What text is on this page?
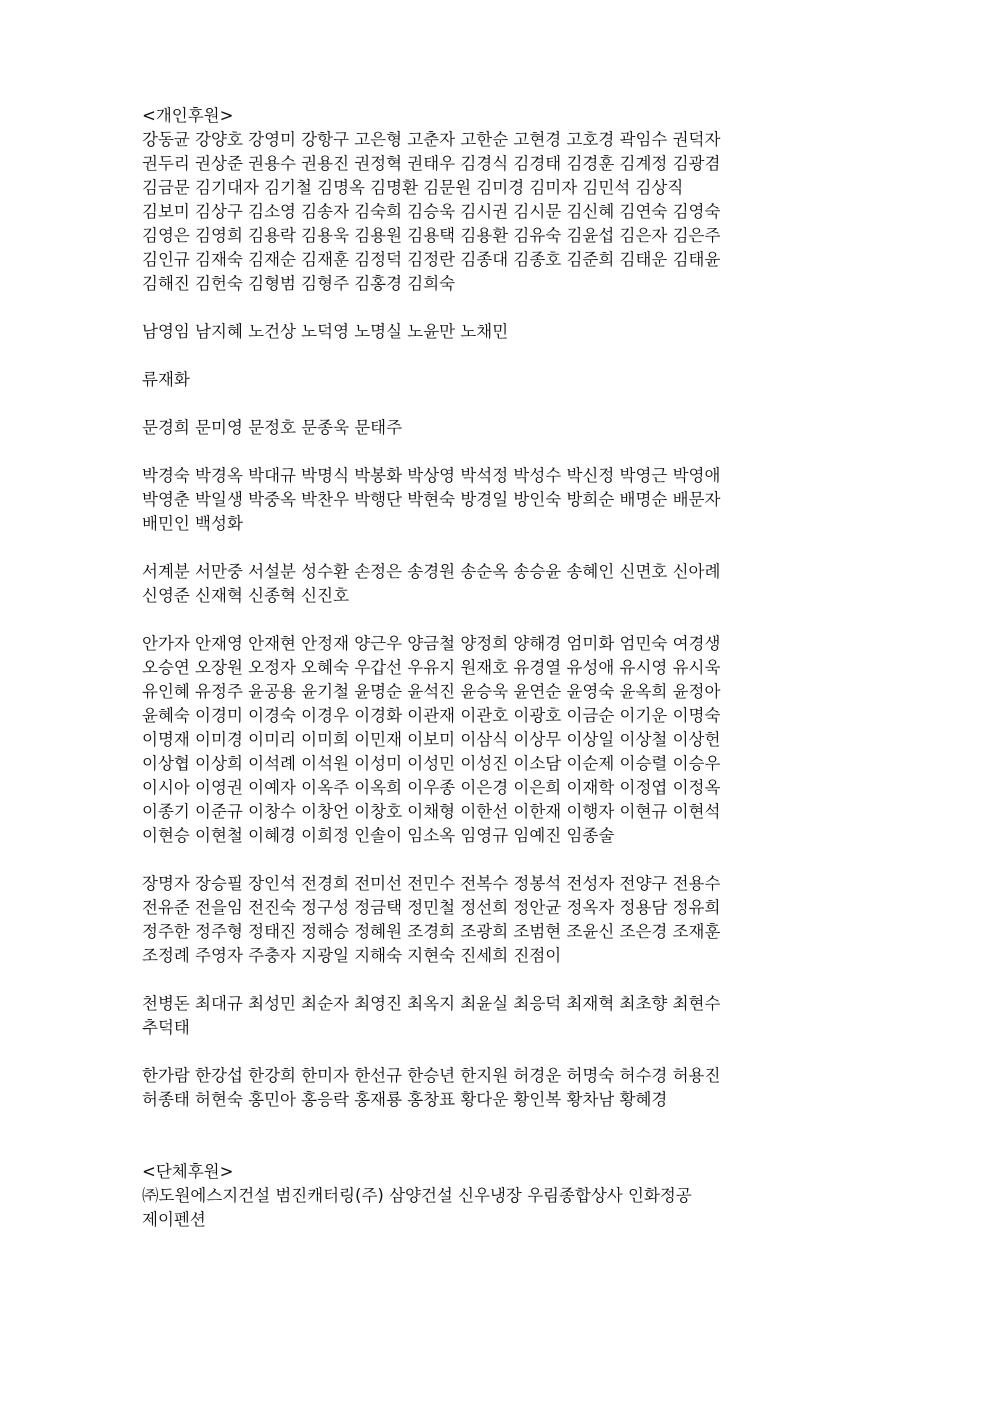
<개인후원>
강동균 강양호 강영미 강항구 고은형 고춘자 고한순 고현경 고호경 곽임수 권덕자
권두리 권상준 권용수 권용진 권정혁 권태우 김경식 김경태 김경훈 김계정 김광겸
김금문 김기대자 김기철 김명옥 김명환 김문원 김미경 김미자 김민석 김상직
김보미 김상구 김소영 김송자 김숙희 김승욱 김시권 김시문 김신혜 김연숙 김영숙
김영은 김영희 김용락 김용욱 김용원 김용택 김용환 김유숙 김윤섭 김은자 김은주
김인규 김재숙 김재순 김재훈 김정덕 김정란 김종대 김종호 김준희 김태운 김태윤
김해진 김헌숙 김형범 김형주 김홍경 김희숙
남영임 남지혜 노건상 노덕영 노명실 노윤만 노채민
류재화
문경희 문미영 문정호 문종욱 문태주
박경숙 박경옥 박대규 박명식 박봉화 박상영 박석정 박성수 박신정 박영근 박영애
박영춘 박일생 박중옥 박찬우 박행단 박현숙 방경일 방인숙 방희순 배명순 배문자
배민인 백성화
서계분 서만중 서설분 성수환 손정은 송경원 송순옥 송승윤 송혜인 신면호 신아례
신영준 신재혁 신종혁 신진호
안가자 안재영 안재현 안정재 양근우 양금철 양정희 양해경 엄미화 엄민숙 여경생
오승연 오장원 오정자 오혜숙 우갑선 우유지 원재호 유경열 유성애 유시영 유시욱
유인혜 유정주 윤공용 윤기철 윤명순 윤석진 윤승욱 윤연순 윤영숙 윤옥희 윤정아
윤혜숙 이경미 이경숙 이경우 이경화 이관재 이관호 이광호 이금순 이기운 이명숙
이명재 이미경 이미리 이미희 이민재 이보미 이삼식 이상무 이상일 이상철 이상헌
이상협 이상희 이석례 이석원 이성미 이성민 이성진 이소담 이순제 이승렬 이승우
이시아 이영권 이예자 이옥주 이옥희 이우종 이은경 이은희 이재학 이정엽 이정옥
이종기 이준규 이창수 이창언 이창호 이채형 이한선 이한재 이행자 이현규 이현석
이현승 이현철 이혜경 이희정 인솔이 임소옥 임영규 임예진 임종술
장명자 장승필 장인석 전경희 전미선 전민수 전복수 정봉석 전성자 전양구 전용수
전유준 전을임 전진숙 정구성 정금택 정민철 정선희 정안균 정옥자 정용담 정유희
정주한 정주형 정태진 정해승 정혜원 조경희 조광희 조범현 조윤신 조은경 조재훈
조정례 주영자 주충자 지광일 지해숙 지현숙 진세희 진점이
천병돈 최대규 최성민 최순자 최영진 최옥지 최윤실 최응덕 최재혁 최초향 최현수
추덕태
한가람 한강섭 한강희 한미자 한선규 한승년 한지원 허경운 허명숙 허수경 허용진
허종태 허현숙 홍민아 홍응락 홍재룡 홍창표 황다운 황인복 황차남 황혜경
<단체후원>
㈜도원에스지건설 범진캐터링(주) 삼양건설 신우냉장 우림종합상사 인화정공
제이펜션
